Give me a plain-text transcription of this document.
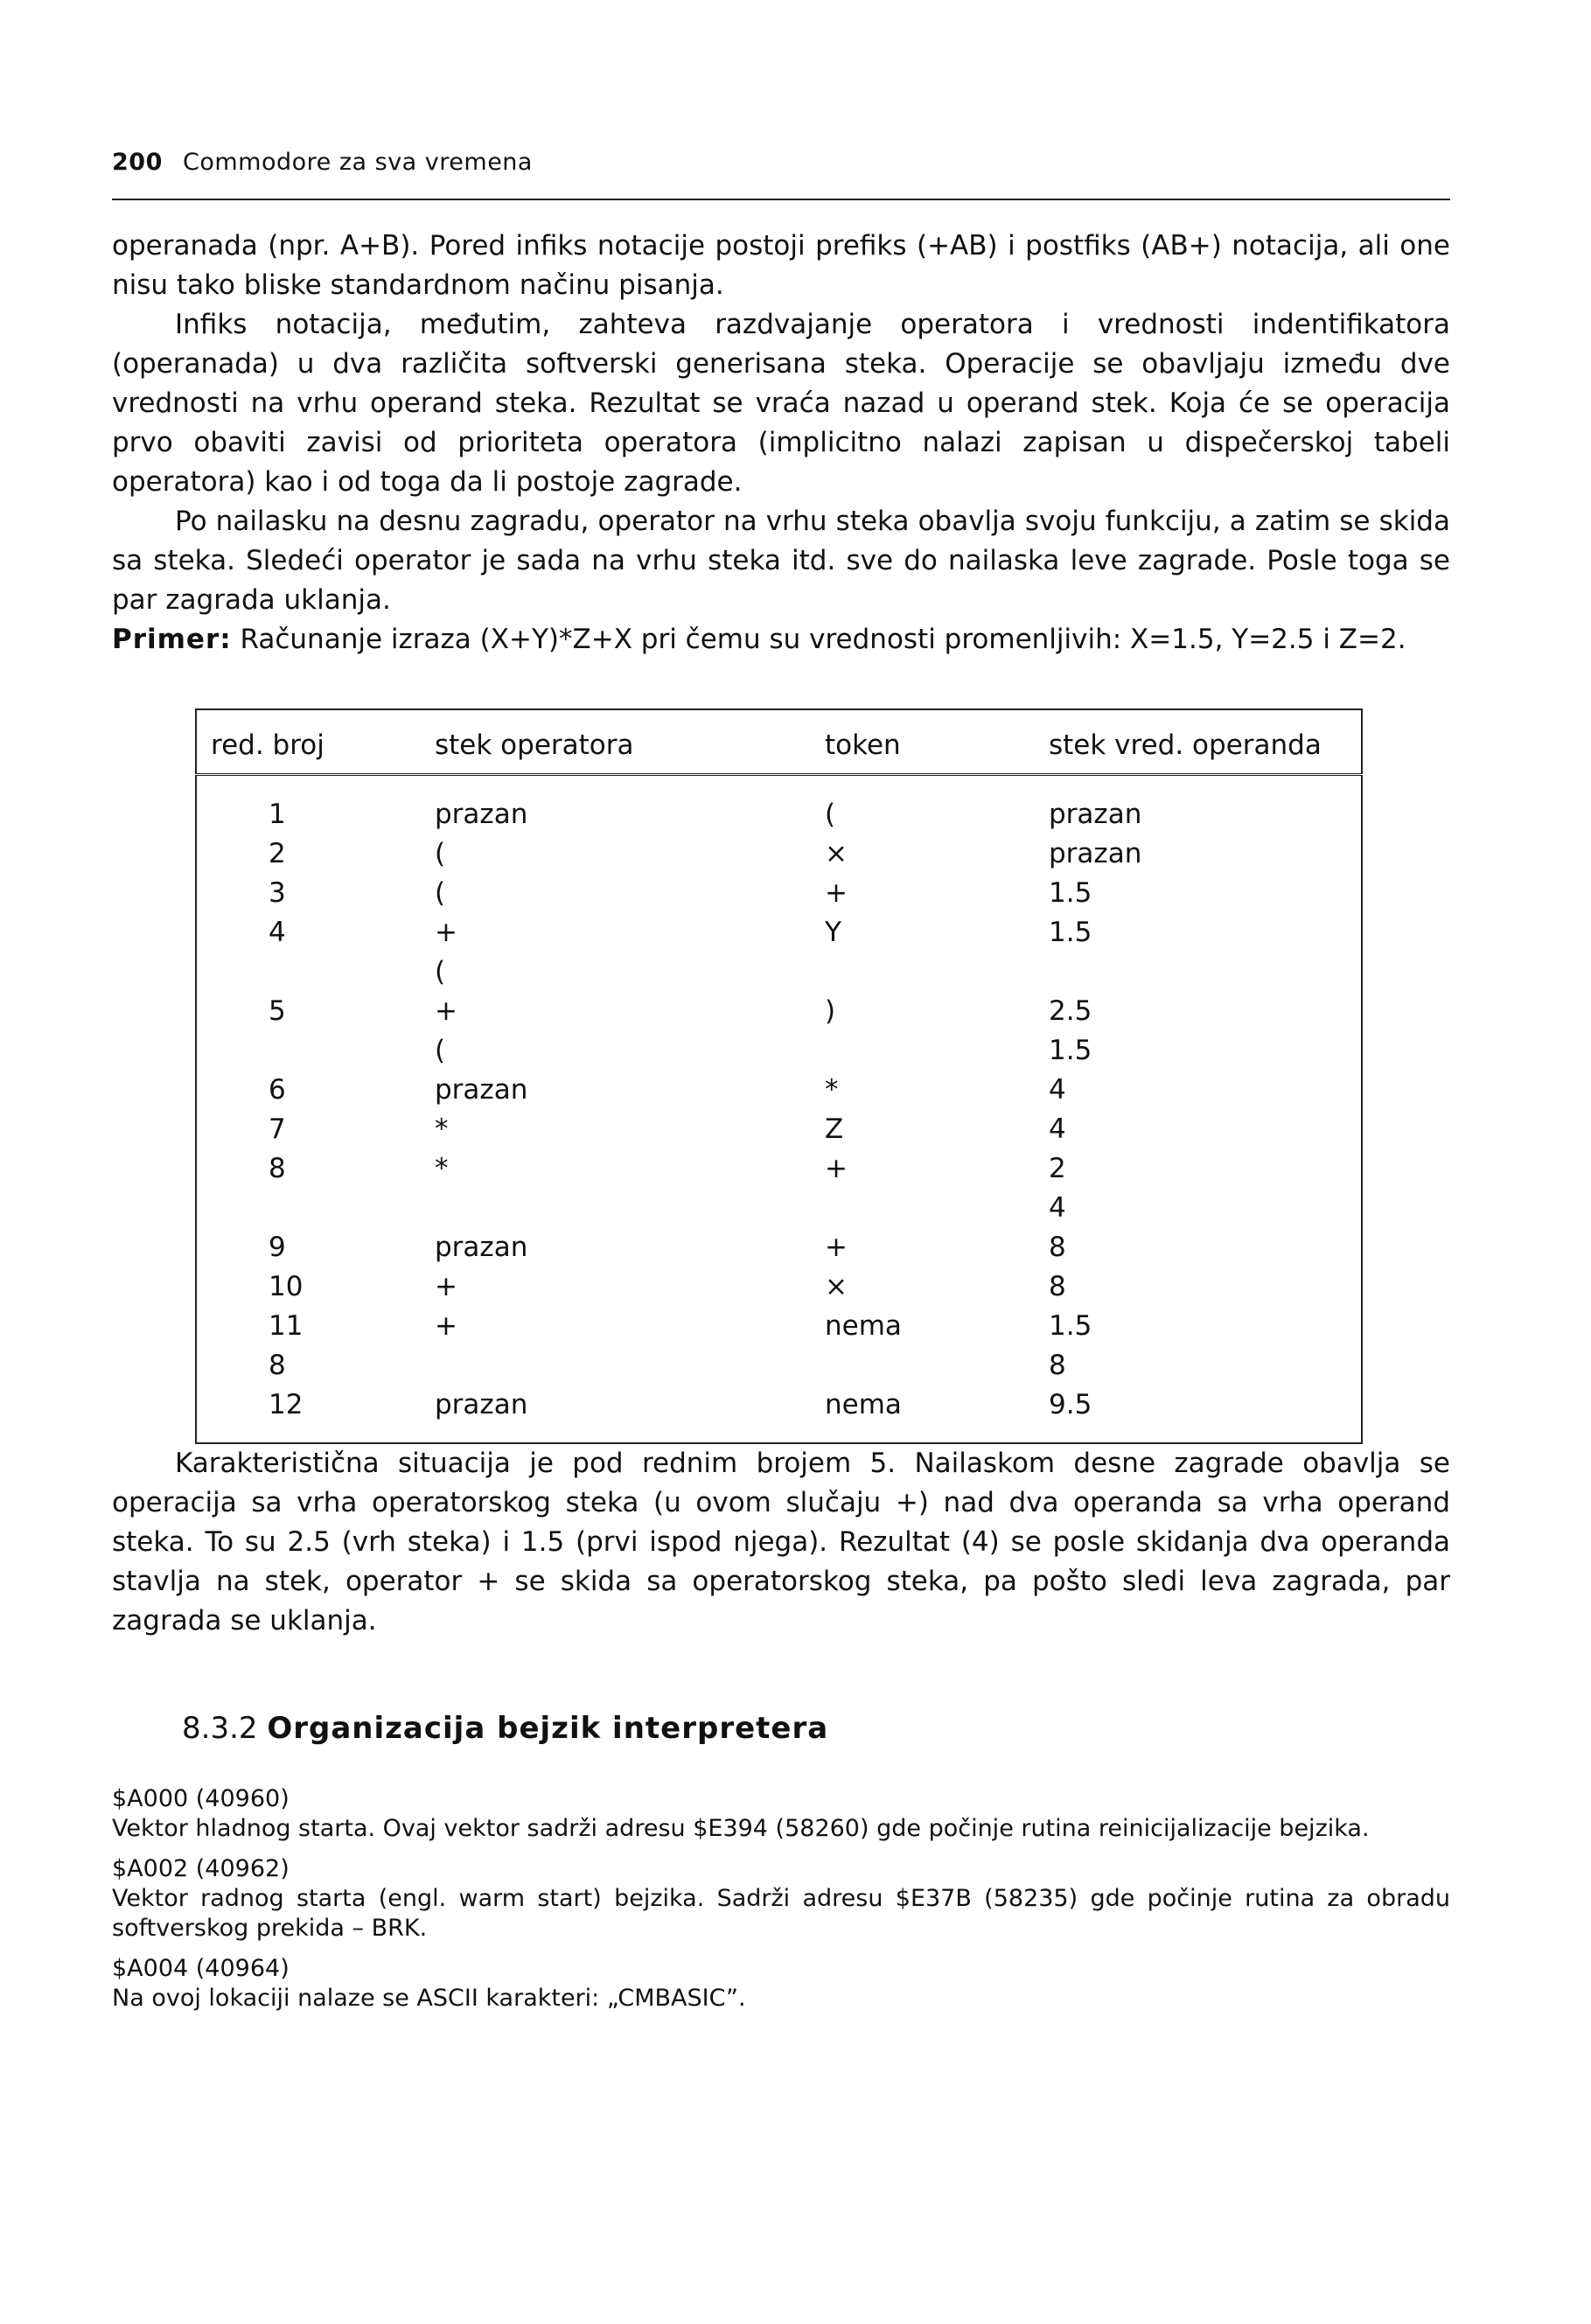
200 Commodore za sva vremena

operanada (npr. A+B). Pored infiks notacije postoji prefiks (+AB) i postfiks (AB+) notacija, ali one nisu tako bliske standardnom načinu pisanja.

Infiks notacija, međutim, zahteva razdvajanje operatora i vrednosti indentifikatora (operanada) u dva različita softverski generisana steka. Operacije se obavljaju između dve vrednosti na vrhu operand steka. Rezultat se vraća nazad u operand stek. Koja će se operacija prvo obaviti zavisi od prioriteta operatora (implicitno nalazi zapisan u dispečerskoj tabeli operatora) kao i od toga da li postoje zagrade.

Po nailasku na desnu zagradu, operator na vrhu steka obavlja svoju funkciju, a zatim se skida sa steka. Sledeći operator je sada na vrhu steka itd. sve do nailaska leve zagrade. Posle toga se par zagrada uklanja.

Primer: Računanje izraza (X+Y)*Z+X pri čemu su vrednosti promenljivih: X=1.5, Y=2.5 i Z=2.

red. broj	stek operatora	token	stek vred. operanda
1	prazan	(	prazan
2	(	×	prazan
3	(	+	1.5
4	+	Y	1.5
	(		
5	+	)	2.5
	(		1.5
6	prazan	*	4
7	*	Z	4
8	*	+	2
			4
9	prazan	+	8
10	+	×	8
11	+	nema	1.5
8			8
12	prazan	nema	9.5

Karakteristična situacija je pod rednim brojem 5. Nailaskom desne zagrade obavlja se operacija sa vrha operatorskog steka (u ovom slučaju +) nad dva operanda sa vrha operand steka. To su 2.5 (vrh steka) i 1.5 (prvi ispod njega). Rezultat (4) se posle skidanja dva operanda stavlja na stek, operator + se skida sa operatorskog steka, pa pošto sledi leva zagrada, par zagrada se uklanja.

8.3.2 Organizacija bejzik interpretera
$A000 (40960)
Vektor hladnog starta. Ovaj vektor sadrži adresu $E394 (58260) gde počinje rutina reinicijalizacije bejzika.
$A002 (40962)
Vektor radnog starta (engl. warm start) bejzika. Sadrži adresu $E37B (58235) gde počinje rutina za obradu softverskog prekida – BRK.
$A004 (40964)
Na ovoj lokaciji nalaze se ASCII karakteri: „CMBASIC”.
